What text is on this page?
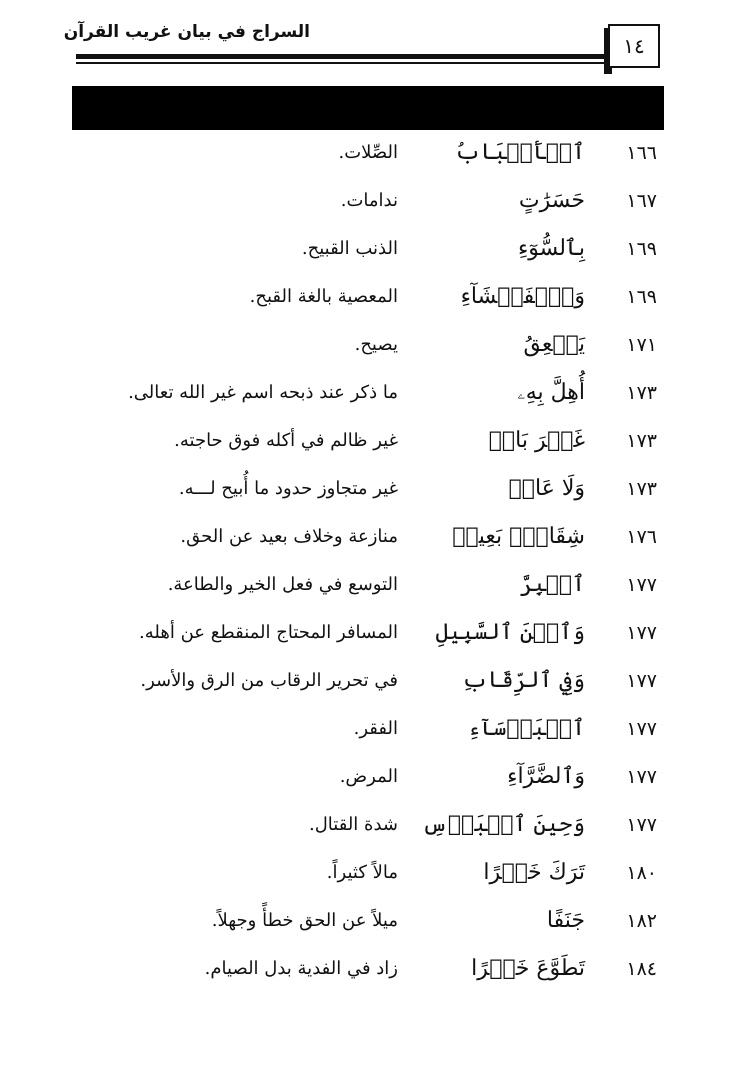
السراج في بيان غريب القرآن
١٤
١٦٦
ٱلۡأَسۡبَابُ
الصِّلات.
١٦٧
حَسَرَٰتٍ
ندامات.
١٦٩
بِٱلسُّوٓءِ
الذنب القبيح.
١٦٩
وَٱلۡفَحۡشَآءِ
المعصية بالغة القبح.
١٧١
يَنۡعِقُ
يصيح.
١٧٣
أُهِلَّ بِهِۦ
ما ذكر عند ذبحه اسم غير الله تعالى.
١٧٣
غَيۡرَ بَاغٖ
غير ظالم في أكله فوق حاجته.
١٧٣
وَلَا عَادٖ
غير متجاوز حدود ما أُبيح لـــه.
١٧٦
شِقَاقِۭ بَعِيدٖ
منازعة وخلاف بعيد عن الحق.
١٧٧
ٱلۡبِرَّ
التوسع في فعل الخير والطاعة.
١٧٧
وَٱبۡنَ ٱلسَّبِيلِ
المسافر المحتاج المنقطع عن أهله.
١٧٧
وَفِي ٱلرِّقَابِ
في تحرير الرقاب من الرق والأسر.
١٧٧
ٱلۡبَأۡسَآءِ
الفقر.
١٧٧
وَٱلضَّرَّآءِ
المرض.
١٧٧
وَحِينَ ٱلۡبَأۡسِ
شدة القتال.
١٨٠
تَرَكَ خَيۡرًا
مالاً كثيراً.
١٨٢
جَنَفًا
ميلاً عن الحق خطأً وجهلاً.
١٨٤
تَطَوَّعَ خَيۡرًا
زاد في الفدية بدل الصيام.
